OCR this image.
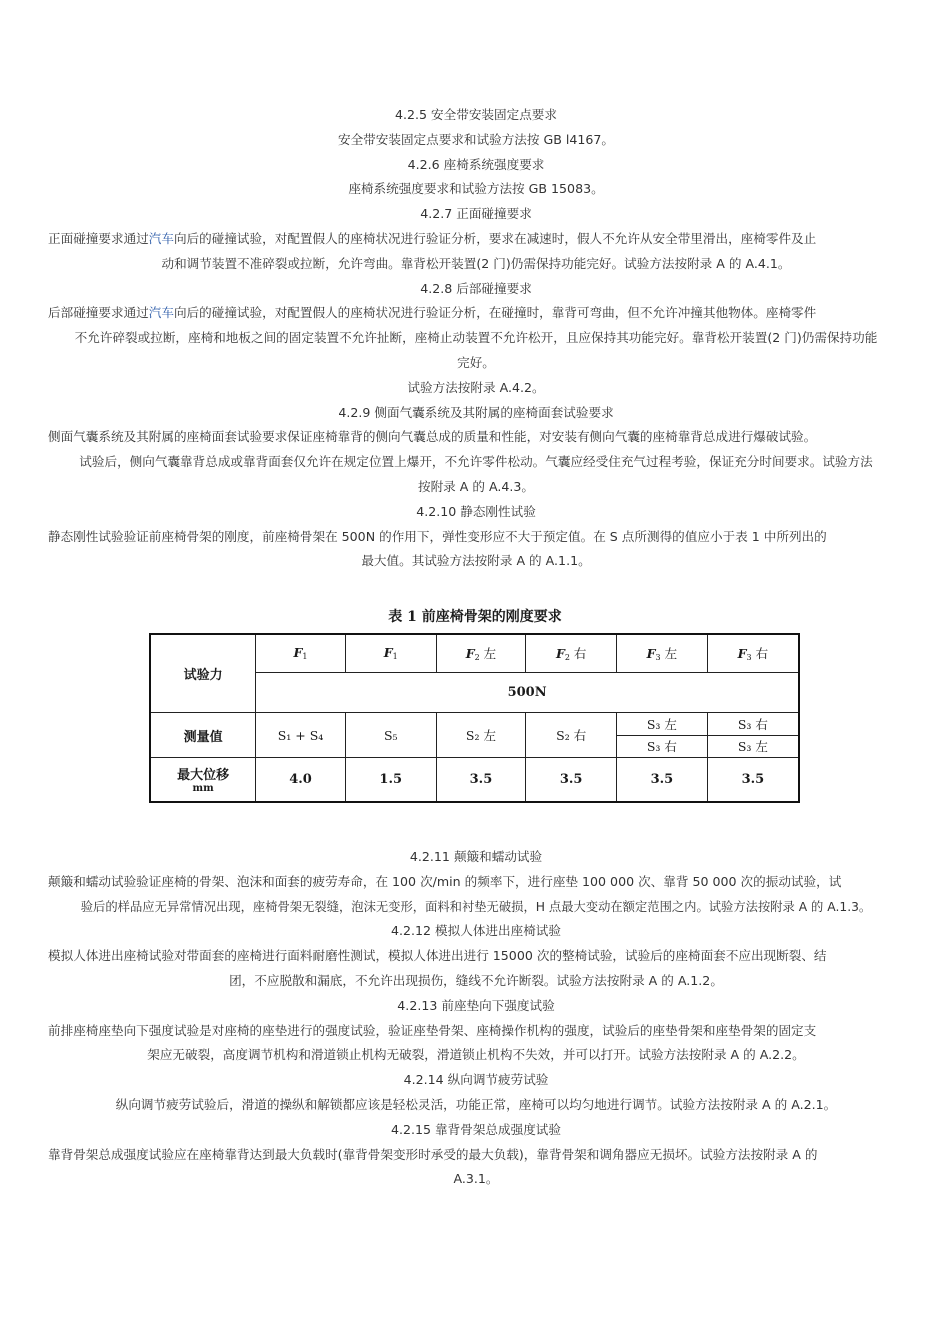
4.2.5 安全带安装固定点要求
安全带安装固定点要求和试验方法按 GB l4167。
4.2.6 座椅系统强度要求
座椅系统强度要求和试验方法按 GB 15083。
4.2.7 正面碰撞要求
正面碰撞要求通过汽车向后的碰撞试验，对配置假人的座椅状况进行验证分析，要求在减速时，假人不允许从安全带里滑出，座椅零件及止
动和调节装置不准碎裂或拉断，允许弯曲。靠背松开装置(2 门)仍需保持功能完好。试验方法按附录 A 的 A.4.1。
4.2.8 后部碰撞要求
后部碰撞要求通过汽车向后的碰撞试验，对配置假人的座椅状况进行验证分析，在碰撞时，靠背可弯曲，但不允许冲撞其他物体。座椅零件
不允许碎裂或拉断，座椅和地板之间的固定装置不允许扯断，座椅止动装置不允许松开，且应保持其功能完好。靠背松开装置(2 门)仍需保持功能
完好。
试验方法按附录 A.4.2。
4.2.9 侧面气囊系统及其附属的座椅面套试验要求
侧面气囊系统及其附属的座椅面套试验要求保证座椅靠背的侧向气囊总成的质量和性能，对安装有侧向气囊的座椅靠背总成进行爆破试验。
试验后，侧向气囊靠背总成或靠背面套仅允许在规定位置上爆开，不允许零件松动。气囊应经受住充气过程考验，保证充分时间要求。试验方法
按附录 A 的 A.4.3。
4.2.10 静态刚性试验
静态刚性试验验证前座椅骨架的刚度，前座椅骨架在 500N 的作用下，弹性变形应不大于预定值。在 S 点所测得的值应小于表 1 中所列出的
最大值。其试验方法按附录 A 的 A.1.1。
表 1 前座椅骨架的刚度要求
试验力	$F_1$	$F_1$	$F_2$ 左	$F_2$ 右	$F_3$ 左	$F_3$ 右
	500N					
测量值	S₁ + S₄	S₅	S₂ 左	S₂ 右	S₃ 左	S₃ 右
					S₃ 右	S₃ 左

最大位移
mm	4.0	1.5	3.5	3.5	3.5	3.5
4.2.11 颠簸和蠕动试验
颠簸和蠕动试验验证座椅的骨架、泡沫和面套的疲劳寿命，在 100 次/min 的频率下，进行座垫 100 000 次、靠背 50 000 次的振动试验，试
验后的样品应无异常情况出现，座椅骨架无裂缝，泡沫无变形，面料和衬垫无破损，H 点最大变动在额定范围之内。试验方法按附录 A 的 A.1.3。
4.2.12 模拟人体进出座椅试验
模拟人体进出座椅试验对带面套的座椅进行面料耐磨性测试，模拟人体进出进行 15000 次的整椅试验，试验后的座椅面套不应出现断裂、结
团，不应脱散和漏底，不允许出现损伤，缝线不允许断裂。试验方法按附录 A 的 A.1.2。
4.2.13 前座垫向下强度试验
前排座椅座垫向下强度试验是对座椅的座垫进行的强度试验，验证座垫骨架、座椅操作机构的强度，试验后的座垫骨架和座垫骨架的固定支
架应无破裂，高度调节机构和滑道锁止机构无破裂，滑道锁止机构不失效，并可以打开。试验方法按附录 A 的 A.2.2。
4.2.14 纵向调节疲劳试验
纵向调节疲劳试验后，滑道的操纵和解锁都应该是轻松灵活，功能正常，座椅可以均匀地进行调节。试验方法按附录 A 的 A.2.1。
4.2.15 靠背骨架总成强度试验
靠背骨架总成强度试验应在座椅靠背达到最大负载时(靠背骨架变形时承受的最大负载)，靠背骨架和调角器应无损坏。试验方法按附录 A 的
A.3.1。
